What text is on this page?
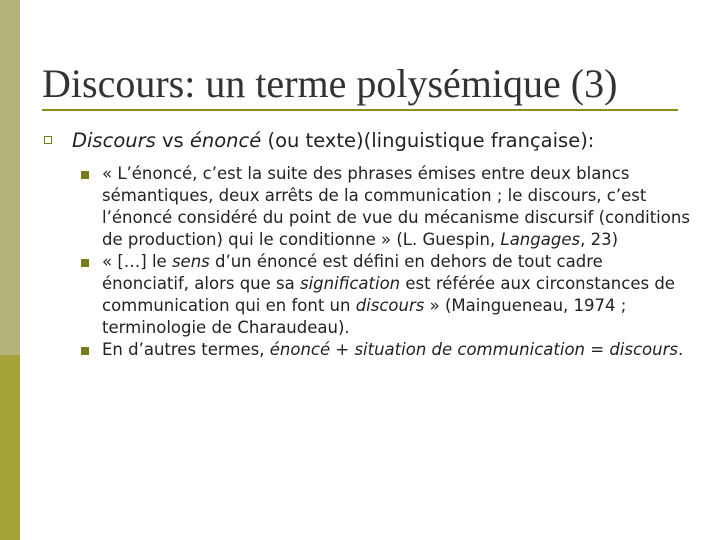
Discours: un terme polysémique (3)
Discours vs énoncé (ou texte)(linguistique française):
« L’énoncé, c’est la suite des phrases émises entre deux blancs sémantiques, deux arrêts de la communication ; le discours, c’est l’énoncé considéré du point de vue du mécanisme discursif (conditions de production) qui le conditionne » (L. Guespin, Langages, 23)
« […] le sens d’un énoncé est défini en dehors de tout cadre énonciatif, alors que sa signification est référée aux circonstances de communication qui en font un discours » (Maingueneau, 1974 ; terminologie de Charaudeau).
En d’autres termes, énoncé + situation de communication = discours.
